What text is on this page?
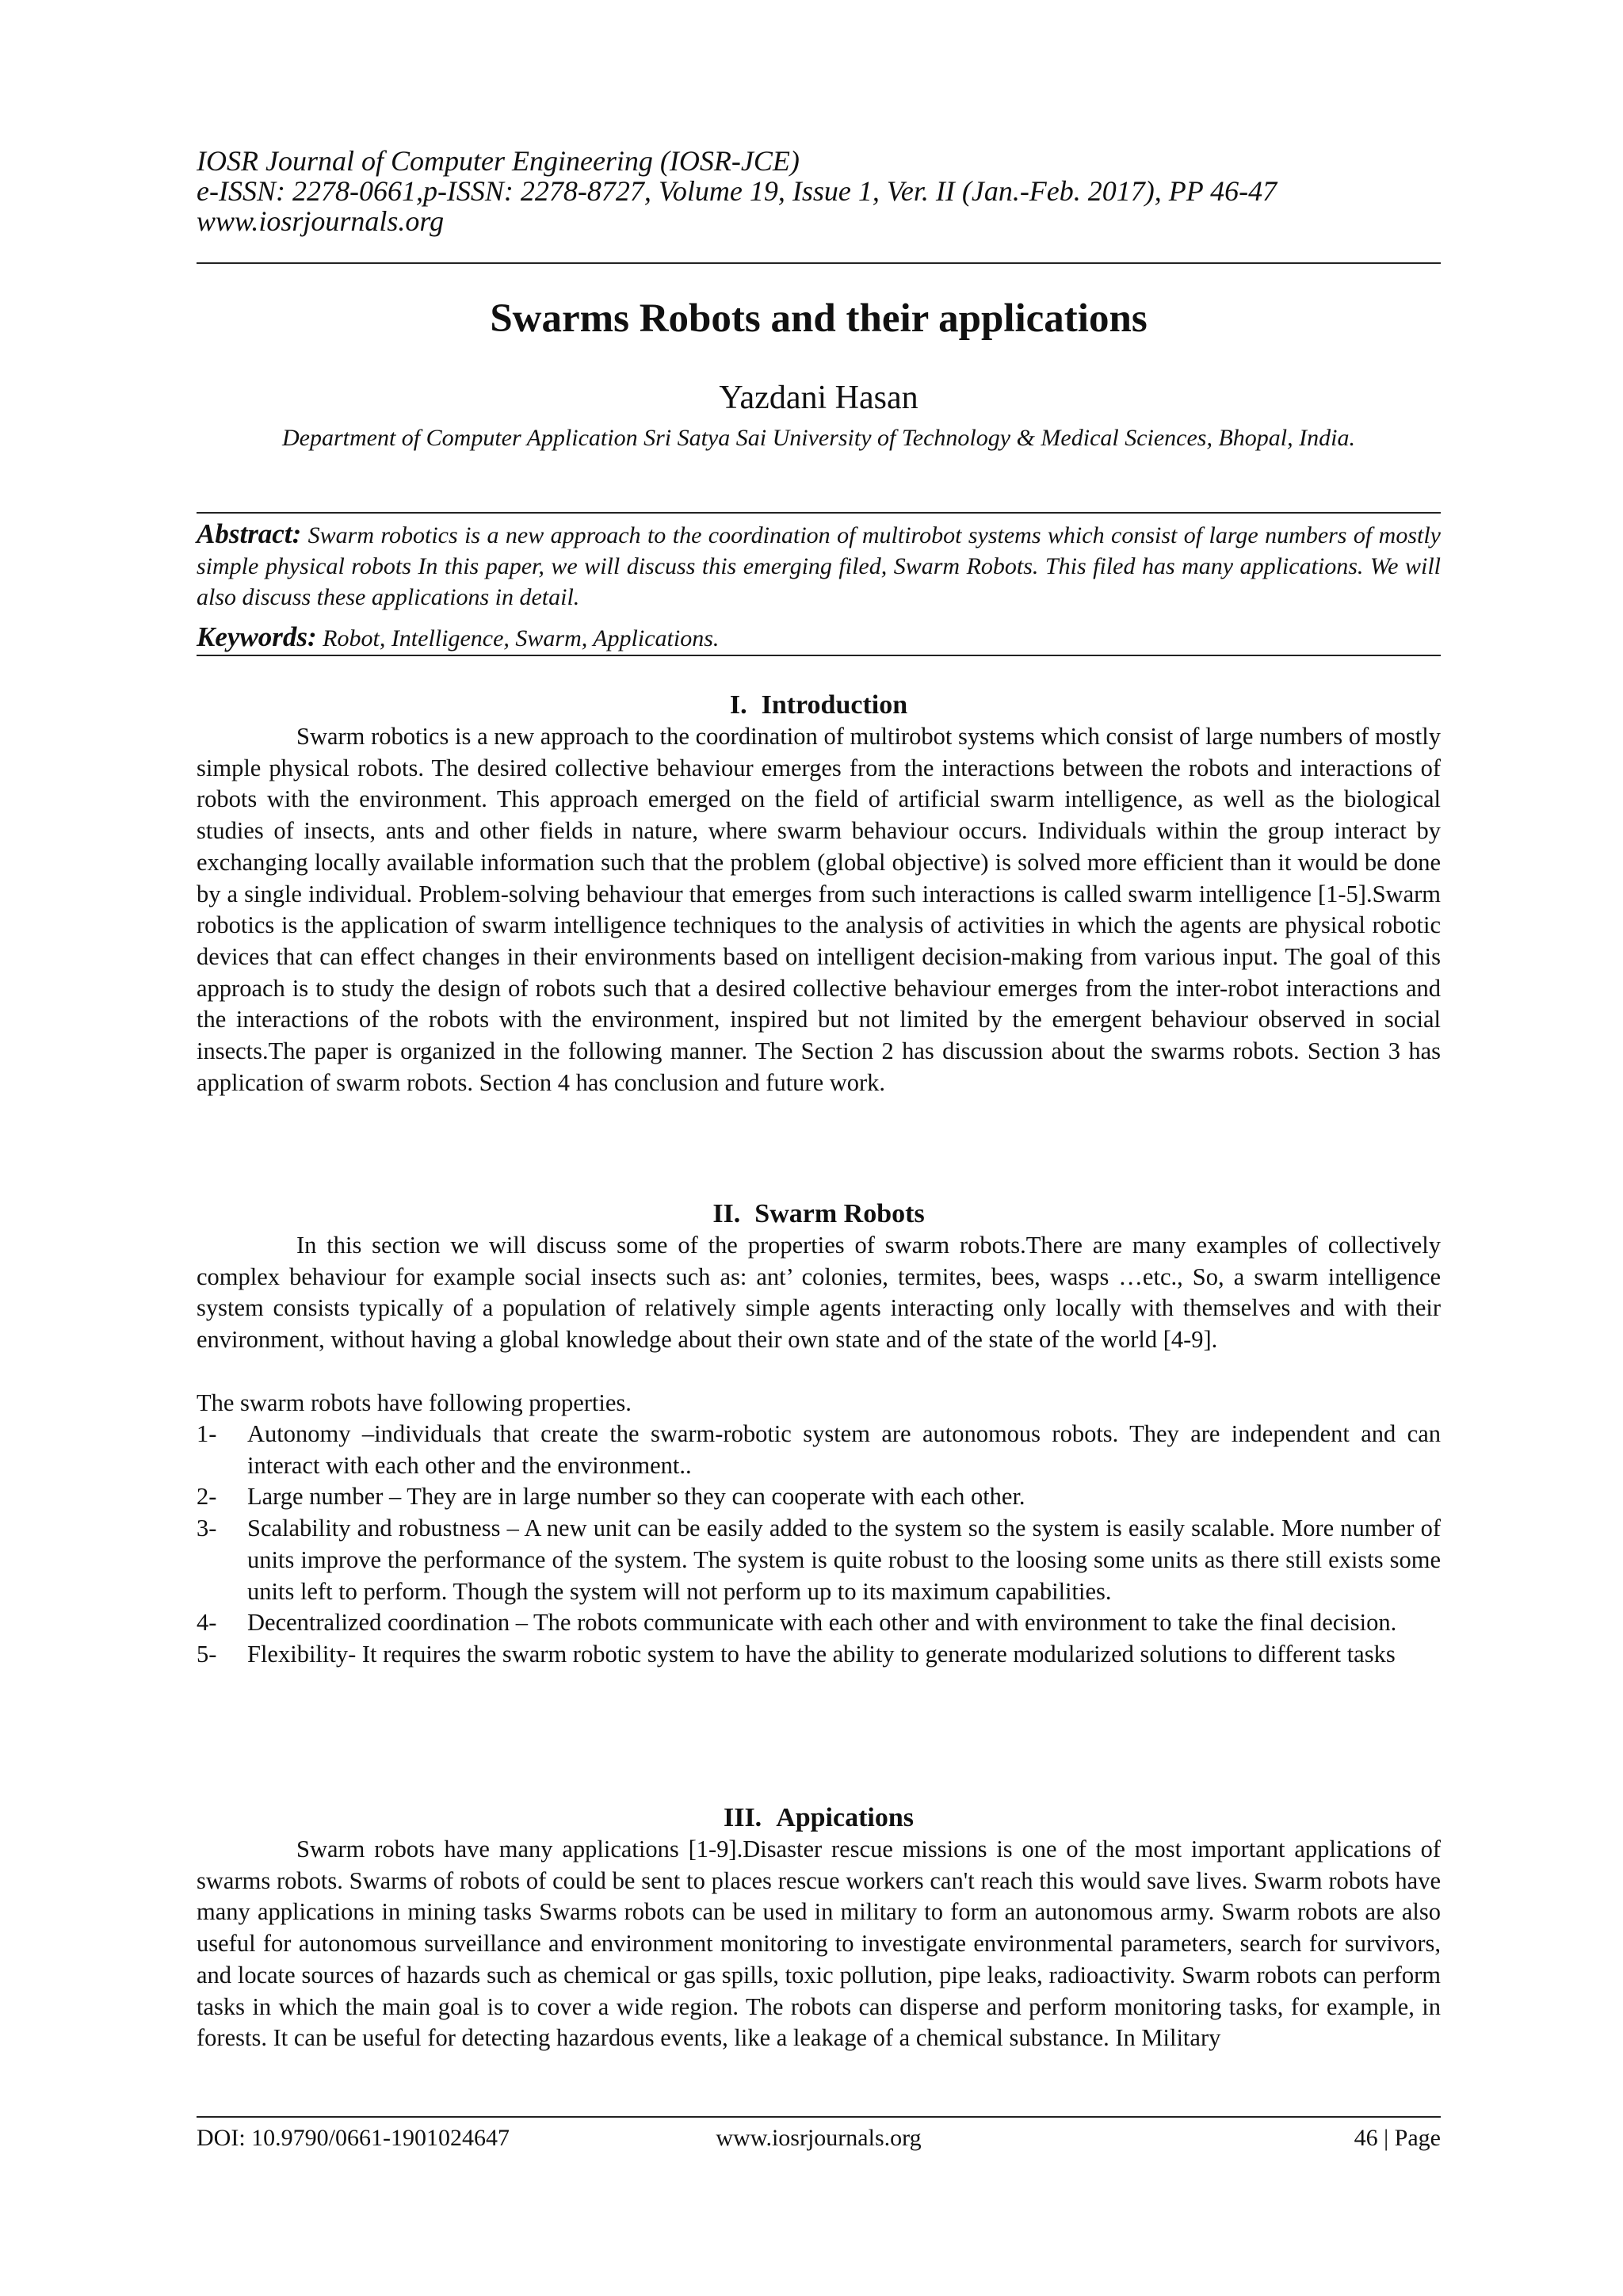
IOSR Journal of Computer Engineering (IOSR-JCE)
e-ISSN: 2278-0661,p-ISSN: 2278-8727, Volume 19, Issue 1, Ver. II (Jan.-Feb. 2017), PP 46-47
www.iosrjournals.org
Swarms Robots and their applications
Yazdani Hasan
Department of Computer Application Sri Satya Sai University of Technology & Medical Sciences, Bhopal, India.
Abstract: Swarm robotics is a new approach to the coordination of multirobot systems which consist of large numbers of mostly simple physical robots In this paper, we will discuss this emerging filed, Swarm Robots. This filed has many applications. We will also discuss these applications in detail.
Keywords: Robot, Intelligence, Swarm, Applications.
I. Introduction
Swarm robotics is a new approach to the coordination of multirobot systems which consist of large numbers of mostly simple physical robots. The desired collective behaviour emerges from the interactions between the robots and interactions of robots with the environment. This approach emerged on the field of artificial swarm intelligence, as well as the biological studies of insects, ants and other fields in nature, where swarm behaviour occurs. Individuals within the group interact by exchanging locally available information such that the problem (global objective) is solved more efficient than it would be done by a single individual. Problem-solving behaviour that emerges from such interactions is called swarm intelligence [1-5].Swarm robotics is the application of swarm intelligence techniques to the analysis of activities in which the agents are physical robotic devices that can effect changes in their environments based on intelligent decision-making from various input. The goal of this approach is to study the design of robots such that a desired collective behaviour emerges from the inter-robot interactions and the interactions of the robots with the environment, inspired but not limited by the emergent behaviour observed in social insects.The paper is organized in the following manner. The Section 2 has discussion about the swarms robots. Section 3 has application of swarm robots. Section 4 has conclusion and future work.
II. Swarm Robots
In this section we will discuss some of the properties of swarm robots.There are many examples of collectively complex behaviour for example social insects such as: ant’ colonies, termites, bees, wasps …etc., So, a swarm intelligence system consists typically of a population of relatively simple agents interacting only locally with themselves and with their environment, without having a global knowledge about their own state and of the state of the world [4-9].
The swarm robots have following properties.
1-	Autonomy –individuals that create the swarm-robotic system are autonomous robots. They are independent and can interact with each other and the environment..
2-	Large number – They are in large number so they can cooperate with each other.
3-	Scalability and robustness – A new unit can be easily added to the system so the system is easily scalable. More number of units improve the performance of the system. The system is quite robust to the loosing some units as there still exists some units left to perform. Though the system will not perform up to its maximum capabilities.
4-	Decentralized coordination – The robots communicate with each other and with environment to take the final decision.
5-	Flexibility- It requires the swarm robotic system to have the ability to generate modularized solutions to different tasks
III. Appications
Swarm robots have many applications [1-9].Disaster rescue missions is one of the most important applications of swarms robots. Swarms of robots of could be sent to places rescue workers can't reach this would save lives. Swarm robots have many applications in mining tasks Swarms robots can be used in military to form an autonomous army. Swarm robots are also useful for autonomous surveillance and environment monitoring to investigate environmental parameters, search for survivors, and locate sources of hazards such as chemical or gas spills, toxic pollution, pipe leaks, radioactivity. Swarm robots can perform tasks in which the main goal is to cover a wide region. The robots can disperse and perform monitoring tasks, for example, in forests. It can be useful for detecting hazardous events, like a leakage of a chemical substance. In Military
DOI: 10.9790/0661-1901024647	www.iosrjournals.org	46 | Page
